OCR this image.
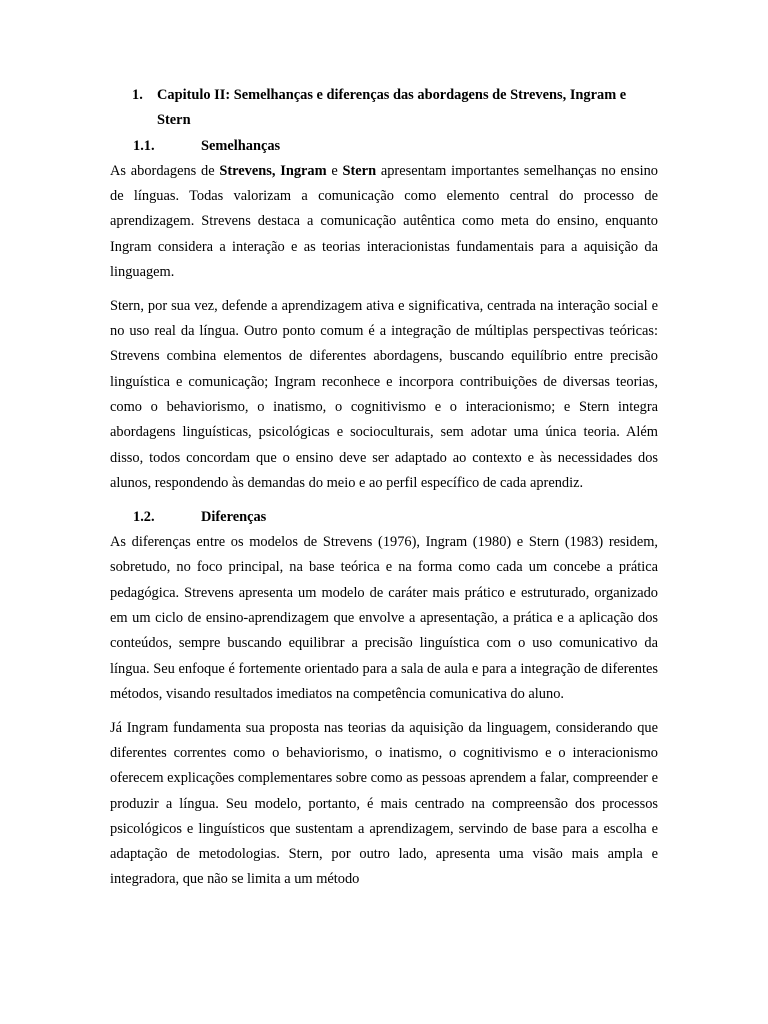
1. Capitulo II: Semelhanças e diferenças das abordagens de Strevens, Ingram e Stern
1.1.	Semelhanças

As abordagens de Strevens, Ingram e Stern apresentam importantes semelhanças no ensino de línguas. Todas valorizam a comunicação como elemento central do processo de aprendizagem. Strevens destaca a comunicação autêntica como meta do ensino, enquanto Ingram considera a interação e as teorias interacionistas fundamentais para a aquisição da linguagem.

Stern, por sua vez, defende a aprendizagem ativa e significativa, centrada na interação social e no uso real da língua. Outro ponto comum é a integração de múltiplas perspectivas teóricas: Strevens combina elementos de diferentes abordagens, buscando equilíbrio entre precisão linguística e comunicação; Ingram reconhece e incorpora contribuições de diversas teorias, como o behaviorismo, o inatismo, o cognitivismo e o interacionismo; e Stern integra abordagens linguísticas, psicológicas e socioculturais, sem adotar uma única teoria. Além disso, todos concordam que o ensino deve ser adaptado ao contexto e às necessidades dos alunos, respondendo às demandas do meio e ao perfil específico de cada aprendiz.

1.2.	Diferenças

As diferenças entre os modelos de Strevens (1976), Ingram (1980) e Stern (1983) residem, sobretudo, no foco principal, na base teórica e na forma como cada um concebe a prática pedagógica. Strevens apresenta um modelo de caráter mais prático e estruturado, organizado em um ciclo de ensino-aprendizagem que envolve a apresentação, a prática e a aplicação dos conteúdos, sempre buscando equilibrar a precisão linguística com o uso comunicativo da língua. Seu enfoque é fortemente orientado para a sala de aula e para a integração de diferentes métodos, visando resultados imediatos na competência comunicativa do aluno.

Já Ingram fundamenta sua proposta nas teorias da aquisição da linguagem, considerando que diferentes correntes como o behaviorismo, o inatismo, o cognitivismo e o interacionismo oferecem explicações complementares sobre como as pessoas aprendem a falar, compreender e produzir a língua. Seu modelo, portanto, é mais centrado na compreensão dos processos psicológicos e linguísticos que sustentam a aprendizagem, servindo de base para a escolha e adaptação de metodologias. Stern, por outro lado, apresenta uma visão mais ampla e integradora, que não se limita a um método
